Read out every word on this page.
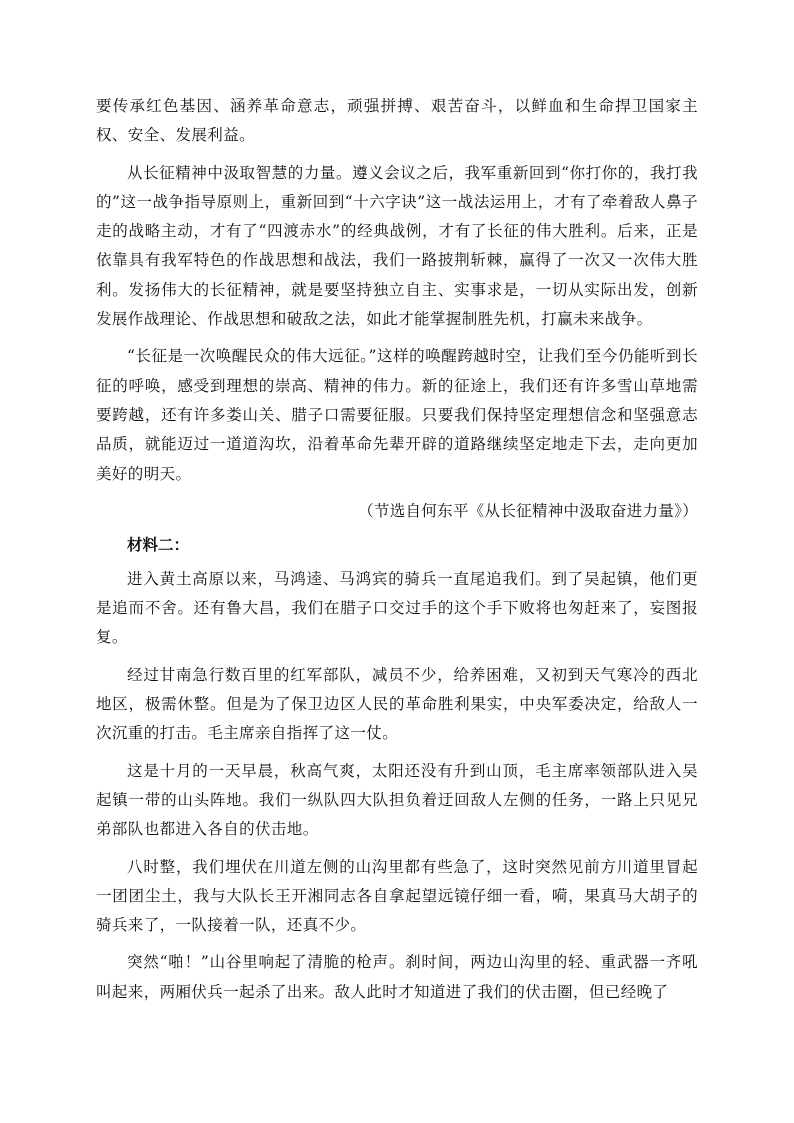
要传承红色基因、涵养革命意志，顽强拼搏、艰苦奋斗，以鲜血和生命捍卫国家主权、安全、发展利益。

从长征精神中汲取智慧的力量。遵义会议之后，我军重新回到“你打你的，我打我的”这一战争指导原则上，重新回到“十六字诀”这一战法运用上，才有了牵着敌人鼻子走的战略主动，才有了“四渡赤水”的经典战例，才有了长征的伟大胜利。后来，正是依靠具有我军特色的作战思想和战法，我们一路披荆斩棘，赢得了一次又一次伟大胜利。发扬伟大的长征精神，就是要坚持独立自主、实事求是，一切从实际出发，创新发展作战理论、作战思想和破敌之法，如此才能掌握制胜先机，打赢未来战争。

“长征是一次唤醒民众的伟大远征。”这样的唤醒跨越时空，让我们至今仍能听到长征的呼唤，感受到理想的崇高、精神的伟力。新的征途上，我们还有许多雪山草地需要跨越，还有许多娄山关、腊子口需要征服。只要我们保持坚定理想信念和坚强意志品质，就能迈过一道道沟坎，沿着革命先辈开辟的道路继续坚定地走下去，走向更加美好的明天。

（节选自何东平《从长征精神中汲取奋进力量》）

材料二：

进入黄土高原以来，马鸿逵、马鸿宾的骑兵一直尾追我们。到了吴起镇，他们更是追而不舍。还有鲁大昌，我们在腊子口交过手的这个手下败将也匆赶来了，妄图报复。

经过甘南急行数百里的红军部队，减员不少，给养困难，又初到天气寒冷的西北地区，极需休整。但是为了保卫边区人民的革命胜利果实，中央军委决定，给敌人一次沉重的打击。毛主席亲自指挥了这一仗。

这是十月的一天早晨，秋高气爽，太阳还没有升到山顶，毛主席率领部队进入吴起镇一带的山头阵地。我们一纵队四大队担负着迂回敌人左侧的任务，一路上只见兄弟部队也都进入各自的伏击地。

八时整，我们埋伏在川道左侧的山沟里都有些急了，这时突然见前方川道里冒起一团团尘土，我与大队长王开湘同志各自拿起望远镜仔细一看，嗬，果真马大胡子的骑兵来了，一队接着一队，还真不少。

突然“啪！”山谷里响起了清脆的枪声。刹时间，两边山沟里的轻、重武器一齐吼叫起来，两厢伏兵一起杀了出来。敌人此时才知道进了我们的伏击圈，但已经晚了
